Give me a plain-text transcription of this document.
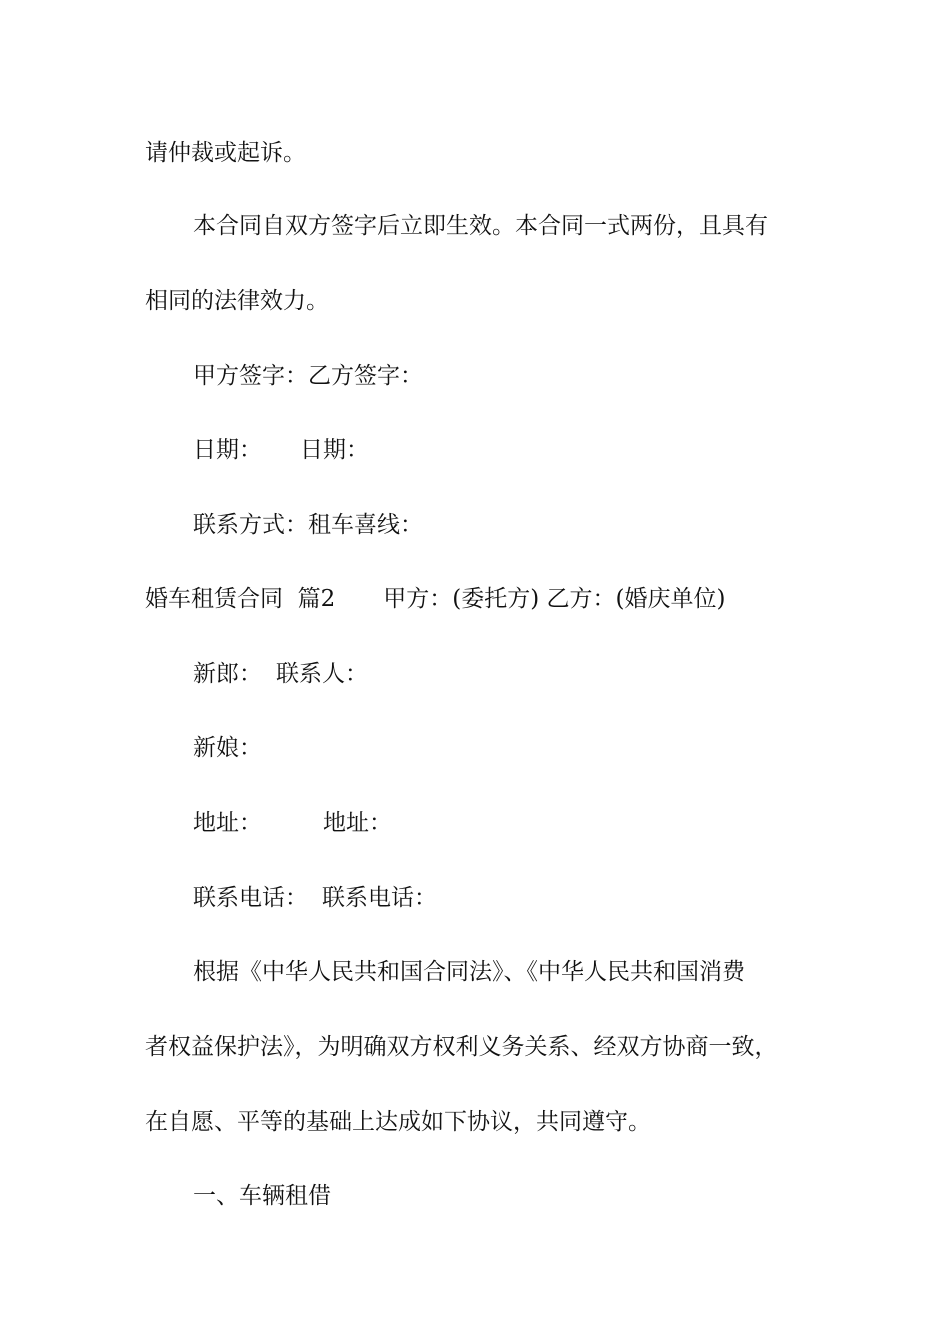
请仲裁或起诉。
本合同自双方签字后立即生效。本合同一式两份，且具有
相同的法律效力。
甲方签字：乙方签字：
日期： 日期：
联系方式：租车喜线：
婚车租赁合同  篇2 甲方：(委托方) 乙方：(婚庆单位)
新郎： 联系人：
新娘：
地址：	地址：
联系电话： 联系电话：
根据《中华人民共和国合同法》、《中华人民共和国消费
者权益保护法》，为明确双方权利义务关系、经双方协商一致，
在自愿、平等的基础上达成如下协议，共同遵守。
一、车辆租借
